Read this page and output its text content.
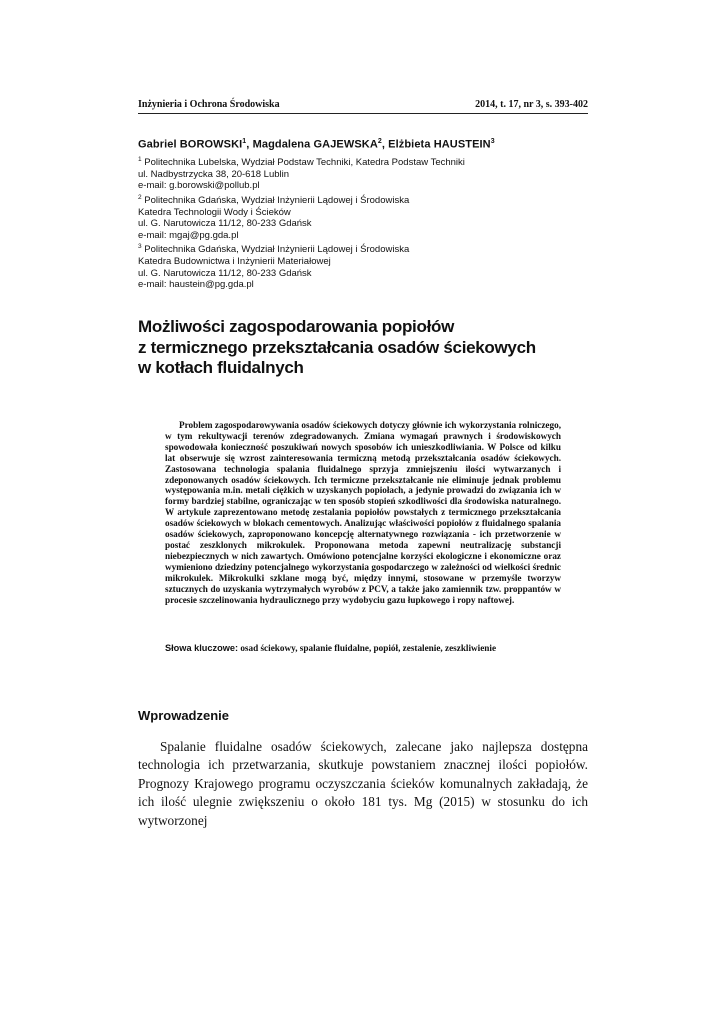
Inżynieria i Ochrona Środowiska	2014, t. 17, nr 3, s. 393-402
Gabriel BOROWSKI$^1$, Magdalena GAJEWSKA$^2$, Elżbieta HAUSTEIN$^3$
$^1$ Politechnika Lubelska, Wydział Podstaw Techniki, Katedra Podstaw Techniki
ul. Nadbystrzycka 38, 20-618 Lublin
e-mail: g.borowski@pollub.pl
$^2$ Politechnika Gdańska, Wydział Inżynierii Lądowej i Środowiska
Katedra Technologii Wody i Ścieków
ul. G. Narutowicza 11/12, 80-233 Gdańsk
e-mail: mgaj@pg.gda.pl
$^3$ Politechnika Gdańska, Wydział Inżynierii Lądowej i Środowiska
Katedra Budownictwa i Inżynierii Materiałowej
ul. G. Narutowicza 11/12, 80-233 Gdańsk
e-mail: haustein@pg.gda.pl
Możliwości zagospodarowania popiołów
z termicznego przekształcania osadów ściekowych
w kotłach fluidalnych
Problem zagospodarowywania osadów ściekowych dotyczy głównie ich wykorzystania rolniczego, w tym rekultywacji terenów zdegradowanych. Zmiana wymagań prawnych i środowiskowych spowodowała konieczność poszukiwań nowych sposobów ich unieszkodliwiania. W Polsce od kilku lat obserwuje się wzrost zainteresowania termiczną metodą przekształcania osadów ściekowych. Zastosowana technologia spalania fluidalnego sprzyja zmniejszeniu ilości wytwarzanych i zdeponowanych osadów ściekowych. Ich termiczne przekształcanie nie eliminuje jednak problemu występowania m.in. metali ciężkich w uzyskanych popiołach, a jedynie prowadzi do związania ich w formy bardziej stabilne, ograniczając w ten sposób stopień szkodliwości dla środowiska naturalnego. W artykule zaprezentowano metodę zestalania popiołów powstałych z termicznego przekształcania osadów ściekowych w blokach cementowych. Analizując właściwości popiołów z fluidalnego spalania osadów ściekowych, zaproponowano koncepcję alternatywnego rozwiązania - ich przetworzenie w postać zeszklonych mikrokulek. Proponowana metoda zapewni neutralizację substancji niebezpiecznych w nich zawartych. Omówiono potencjalne korzyści ekologiczne i ekonomiczne oraz wymieniono dziedziny potencjalnego wykorzystania gospodarczego w zależności od wielkości średnic mikrokulek. Mikrokulki szklane mogą być, między innymi, stosowane w przemyśle tworzyw sztucznych do uzyskania wytrzymałych wyrobów z PCV, a także jako zamiennik tzw. proppantów w procesie szczelinowania hydraulicznego przy wydobyciu gazu łupkowego i ropy naftowej.
Słowa kluczowe: osad ściekowy, spalanie fluidalne, popiół, zestalenie, zeszkliwienie
Wprowadzenie
Spalanie fluidalne osadów ściekowych, zalecane jako najlepsza dostępna technologia ich przetwarzania, skutkuje powstaniem znacznej ilości popiołów. Prognozy Krajowego programu oczyszczania ścieków komunalnych zakładają, że ich ilość ulegnie zwiększeniu o około 181 tys. Mg (2015) w stosunku do ich wytworzonej
